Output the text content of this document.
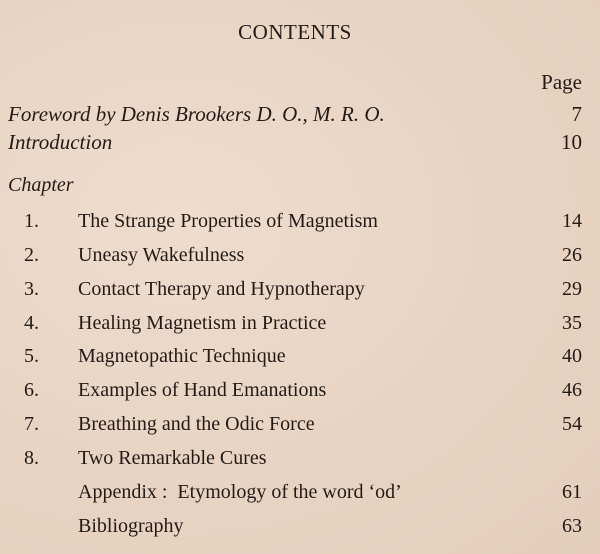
CONTENTS
Page
Foreword by Denis Brookers D. O., M. R. O.	7
Introduction	10
Chapter
1. The Strange Properties of Magnetism	14
2. Uneasy Wakefulness	26
3. Contact Therapy and Hypnotherapy	29
4. Healing Magnetism in Practice	35
5. Magnetopathic Technique	40
6. Examples of Hand Emanations	46
7. Breathing and the Odic Force	54
8. Two Remarkable Cures
Appendix :  Etymology of the word ‘od’	61
Bibliography	63
